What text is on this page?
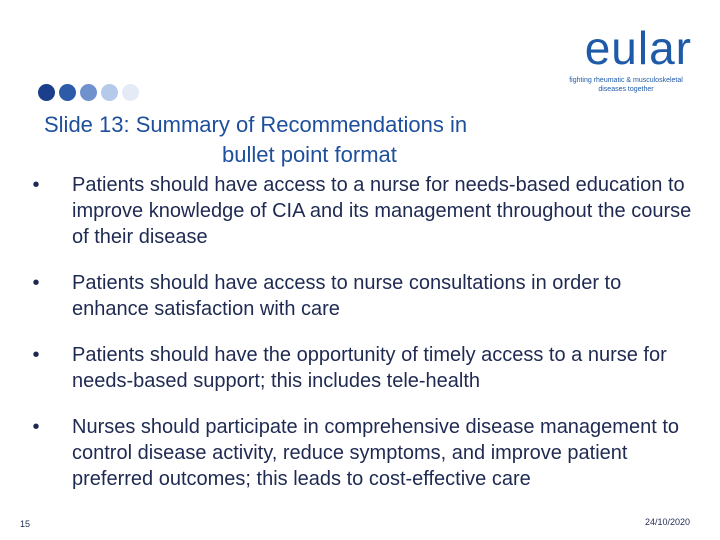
eular
fighting rheumatic & musculoskeletal diseases together
Slide 13: Summary of Recommendations in
bullet point format
•	Patients should have access to a nurse for needs-based education to improve knowledge of CIA and its management throughout the course of their disease
•	Patients should have access to nurse consultations in order to enhance satisfaction with care
•	Patients should have the opportunity of timely access to a nurse for needs-based support; this includes tele-health
•	Nurses should participate in comprehensive disease management to control disease activity, reduce symptoms, and improve patient preferred outcomes; this leads to cost-effective care
15	24/10/2020
